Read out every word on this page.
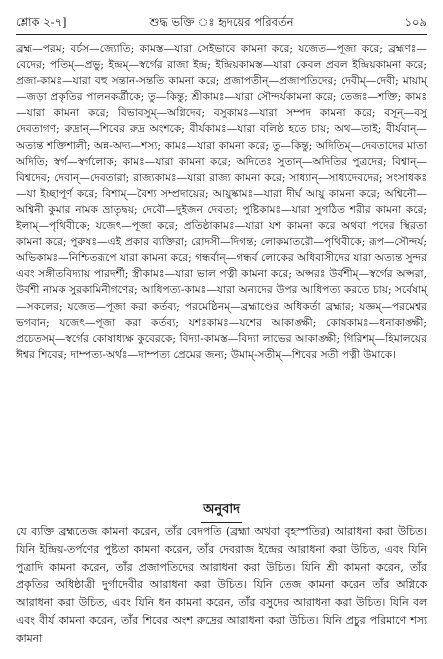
শ্লোক ২-৭]	শুদ্ধ ভক্তি ঃ হৃদয়ের পরিবর্তন	১০৯

ব্রহ্ম—পরম; বর্চস—জ্যোতি; কামস্ত—যারা সেইভাবে কামনা করে; যজেত—পূজা করে; ব্রহ্মণঃ—বেদের; পতিম্—প্রভু; ইন্দ্রম্—স্বর্গের রাজা ইন্দ্র; ইন্দ্রিয়কামস্ত—যারা কেবল প্রবল ইন্দ্রিয়কামনা করে; প্রজা-কামঃ—যারা বহু সন্তান-সন্ততি কামনা করে; প্রজাপতীন্—প্রজাপতিদের; দেবীম্—দেবী; মায়াম্—জড়া প্রকৃতির পালনকর্ত্রীকে; তু—কিন্তু; শ্রীকামঃ—যারা সৌন্দর্যকামনা করে; তেজঃ—শক্তি; কামঃ—যারা কামনা করে; বিভাবসুম্—অগ্নিদেব; বসুকামঃ—যারা সম্পদ কামনা করে; বসূন্—বসু দেবতাগণ; রুদ্রান্—শিবের রুদ্র অংশকে; বীর্যকামঃ—যারা বলিষ্ঠ হতে চায়; অথ—তাই; বীর্যবান্—অত্যন্ত শক্তিশালী; অন্ন-অদ্য—শস্য; কামঃ—যারা কামনা করে; তু—কিন্তু; অদিতিম্—দেবতাদের মাতা অদিতি; স্বর্গ—স্বর্গলোক; কামঃ—যারা কামনা করে; অদিতেঃ সুতান্—অদিতির পুত্রদের; বিশ্বান্—বিশ্বদেব; দেবান্—দেবতারা; রাজ্যকামঃ—যারা রাজ্য কামনা করে; সাধ্যান্—সাধ্যদেবদের; সংসাধকঃ—যা ইচ্ছাপূর্ণ করে; বিশাম্—বৈশ্য সম্প্রদায়ের; আয়ুষ্কামঃ—যারা দীর্ঘ আয়ু কামনা করে; অশ্বিনৌ—অশ্বিনী কুমার নামক ভ্রাতৃদ্বয়; দেবৌ—দুইজন দেবতা; পুষ্টিকামঃ—যারা সুগঠিত শরীর কামনা করে; ইলাম্—পৃথিবীকে; যজেৎ—পূজা করে; প্রতিষ্ঠাকামঃ—যারা যশ কামনা করে অথবা পদের স্থিরতা কামনা করে; পুরুষঃ—এই প্রকার ব্যক্তিরা; রোদসী—দিগন্ত; লোকমাতরৌ—পৃথিবীকে; রূপ—সৌন্দর্য; অভিকামঃ—নিশ্চিতরূপে যারা কামনা করে; গন্ধর্বান্—গন্ধর্ব লোকের অধিবাসীদের যারা অত্যন্ত সুন্দর এবং সঙ্গীতবিদ্যায় পারদর্শী; স্ত্রীকামঃ—যারা ভাল পত্নী কামনা করে; অপ্সরঃ উর্বশীম্—স্বর্গের অপ্সরা, উর্বশী নামক সুরকামিনীগণের; আধিপত্য-কামঃ—যারা অন্যদের উপর আধিপত্য করতে চায়; সর্বেষাম্—সকলের; যজেত—পূজা করা কর্তব্য; পরমেষ্ঠিনম্—ব্রহ্মাণ্ডের অধিকর্তা ব্রহ্মার; যজ্ঞম্—পরমেশ্বর ভগবান; যজেৎ—পূজা করা কর্তব্য; যশঃকামঃ—যশের আকাঙ্ক্ষী; কোষকামঃ—ধনাকাঙ্ক্ষী; প্রচেতসম্—স্বর্গের কোষাধ্যক্ষ কুবেরকে; বিদ্যা-কামস্ত—বিদ্যা লাভের আকাঙ্ক্ষী; গিরিশম্—হিমালয়ের ঈশ্বর শিবের; দাম্পত্য-অর্থঃ—দাম্পত্য প্রেমের জন্য; উমাম্-সতীম্—শিবের সতী পত্নী উমাকে।

অনুবাদ

যে ব্যক্তি ব্রহ্মতেজ কামনা করেন, তাঁর বেদপতি (ব্রহ্মা অথবা বৃহস্পতির) আরাধনা করা উচিত। যিনি ইন্দ্রিয়-তর্পণের পুষ্টতা কামনা করেন, তাঁর দেবরাজ ইন্দ্রের আরাধনা করা উচিত, এবং যিনি পুত্রাদি কামনা করেন, তাঁর প্রজাপতিদের আরাধনা করা উচিত। যিনি শ্রী কামনা করেন, তাঁর প্রকৃতির অধিষ্ঠাত্রী দুর্গাদেবীর আরাধনা করা উচিত। যিনি তেজ কামনা করেন তাঁর অগ্নিকে আরাধনা করা উচিত, এবং যিনি ধন কামনা করেন, তাঁর বসুদের আরাধনা করা উচিত। যিনি বল এবং বীর্য কামনা করেন, তাঁর শিবের অংশ রুদ্রের আরাধনা করা উচিত। যিনি প্রচুর পরিমাণে শস্য কামনা
